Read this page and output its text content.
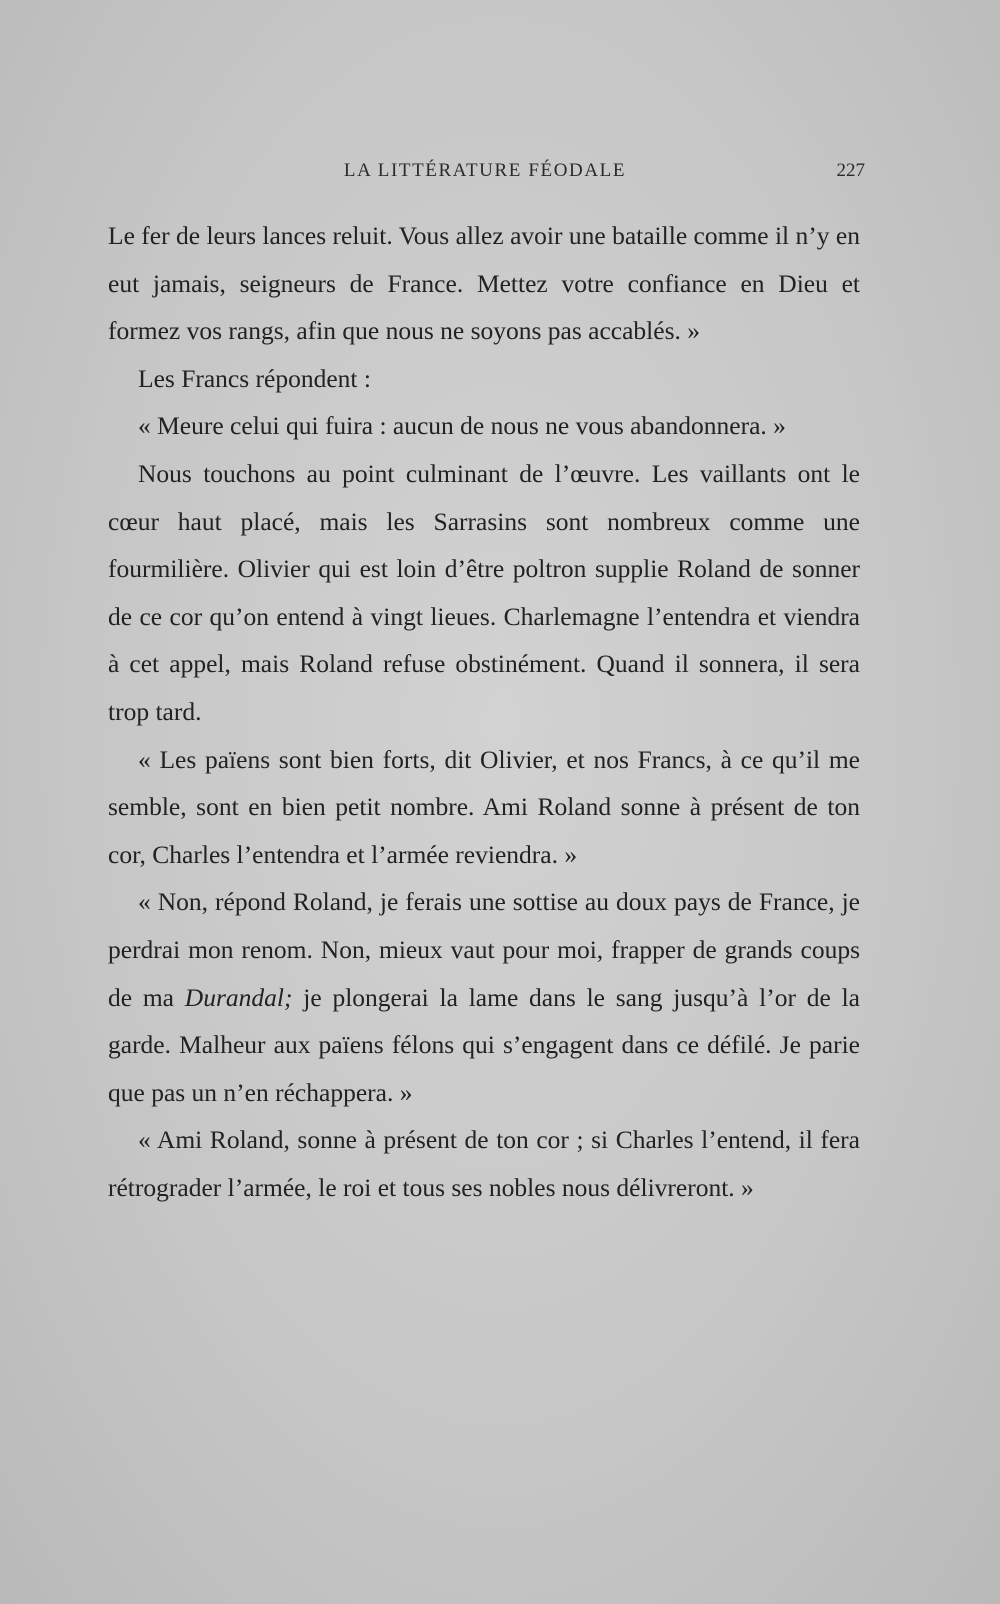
LA LITTÉRATURE FÉODALE	227

Le fer de leurs lances reluit. Vous allez avoir une bataille comme il n’y en eut jamais, seigneurs de France. Mettez votre confiance en Dieu et formez vos rangs, afin que nous ne soyons pas accablés. »

Les Francs répondent :

« Meure celui qui fuira : aucun de nous ne vous abandonnera. »

Nous touchons au point culminant de l’œuvre. Les vaillants ont le cœur haut placé, mais les Sarrasins sont nombreux comme une fourmilière. Olivier qui est loin d’être poltron supplie Roland de sonner de ce cor qu’on entend à vingt lieues. Charlemagne l’entendra et viendra à cet appel, mais Roland refuse obstinément. Quand il sonnera, il sera trop tard.

« Les païens sont bien forts, dit Olivier, et nos Francs, à ce qu’il me semble, sont en bien petit nombre. Ami Roland sonne à présent de ton cor, Charles l’entendra et l’armée reviendra. »

« Non, répond Roland, je ferais une sottise au doux pays de France, je perdrai mon renom. Non, mieux vaut pour moi, frapper de grands coups de ma Durandal; je plongerai la lame dans le sang jusqu’à l’or de la garde. Malheur aux païens félons qui s’engagent dans ce défilé. Je parie que pas un n’en réchappera. »

« Ami Roland, sonne à présent de ton cor ; si Charles l’entend, il fera rétrograder l’armée, le roi et tous ses nobles nous délivreront. »
